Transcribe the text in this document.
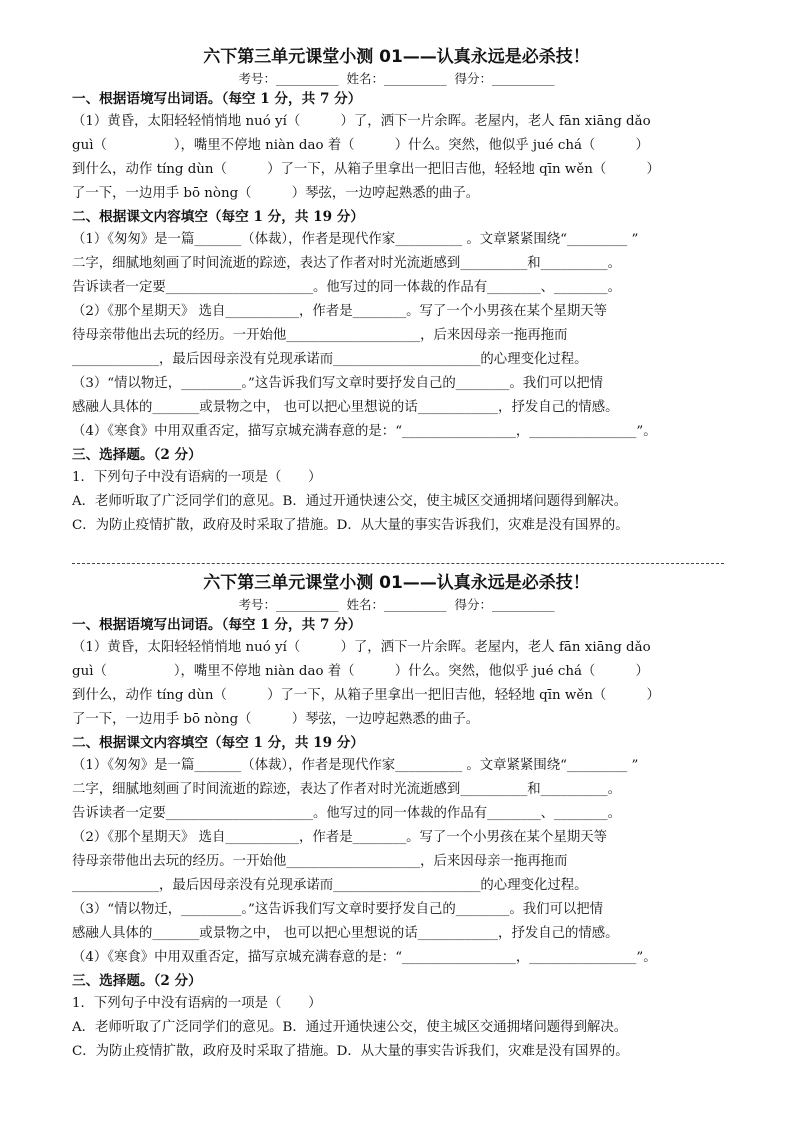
六下第三单元课堂小测 01——认真永远是必杀技！
考号：__________  姓名：__________  得分：__________
一、根据语境写出词语。（每空 1 分，共 7 分）
（1）黄昏，太阳轻轻悄悄地 nuó yí（　　　）了，洒下一片余晖。老屋内，老人 fān xiāng dǎo
guì（　　　　　），嘴里不停地 niàn dao 着（　　　）什么。突然，他似乎 jué chá（　　　）
到什么，动作 tíng dùn（　　　）了一下，从箱子里拿出一把旧吉他，轻轻地 qīn wěn（　　　）
了一下，一边用手 bō nòng（　　　）琴弦，一边哼起熟悉的曲子。
二、根据课文内容填空（每空 1 分，共 19 分）
（1）《匆匆》是一篇_______（体裁），作者是现代作家__________ 。文章紧紧围绕“_________ ”
二字，细腻地刻画了时间流逝的踪迹，表达了作者对时光流逝感到__________和__________。
告诉读者一定要______________________。他写过的同一体裁的作品有________、________。
（2）《那个星期天》 选自___________，作者是________。写了一个小男孩在某个星期天等
待母亲带他出去玩的经历。一开始他____________________，后来因母亲一拖再拖而
_____________，最后因母亲没有兑现承诺而______________________的心理变化过程。
（3）“情以物迁，_________。”这告诉我们写文章时要抒发自己的________。我们可以把情
感融人具体的_______或景物之中， 也可以把心里想说的话____________，抒发自己的情感。
（4）《寒食》中用双重否定，描写京城充满春意的是：“_________________，________________”。
三、选择题。（2 分）
1．下列句子中没有语病的一项是（　　）
A．老师听取了广泛同学们的意见。B．通过开通快速公交，使主城区交通拥堵问题得到解决。
C．为防止疫情扩散，政府及时采取了措施。D．从大量的事实告诉我们，灾难是没有国界的。
六下第三单元课堂小测 01——认真永远是必杀技！
考号：__________  姓名：__________  得分：__________
一、根据语境写出词语。（每空 1 分，共 7 分）
（1）黄昏，太阳轻轻悄悄地 nuó yí（　　　）了，洒下一片余晖。老屋内，老人 fān xiāng dǎo
guì（　　　　　），嘴里不停地 niàn dao 着（　　　）什么。突然，他似乎 jué chá（　　　）
到什么，动作 tíng dùn（　　　）了一下，从箱子里拿出一把旧吉他，轻轻地 qīn wěn（　　　）
了一下，一边用手 bō nòng（　　　）琴弦，一边哼起熟悉的曲子。
二、根据课文内容填空（每空 1 分，共 19 分）
（1）《匆匆》是一篇_______（体裁），作者是现代作家__________ 。文章紧紧围绕“_________ ”
二字，细腻地刻画了时间流逝的踪迹，表达了作者对时光流逝感到__________和__________。
告诉读者一定要______________________。他写过的同一体裁的作品有________、________。
（2）《那个星期天》 选自___________，作者是________。写了一个小男孩在某个星期天等
待母亲带他出去玩的经历。一开始他____________________，后来因母亲一拖再拖而
_____________，最后因母亲没有兑现承诺而______________________的心理变化过程。
（3）“情以物迁，_________。”这告诉我们写文章时要抒发自己的________。我们可以把情
感融人具体的_______或景物之中， 也可以把心里想说的话____________，抒发自己的情感。
（4）《寒食》中用双重否定，描写京城充满春意的是：“_________________，________________”。
三、选择题。（2 分）
1．下列句子中没有语病的一项是（　　）
A．老师听取了广泛同学们的意见。B．通过开通快速公交，使主城区交通拥堵问题得到解决。
C．为防止疫情扩散，政府及时采取了措施。D．从大量的事实告诉我们，灾难是没有国界的。
